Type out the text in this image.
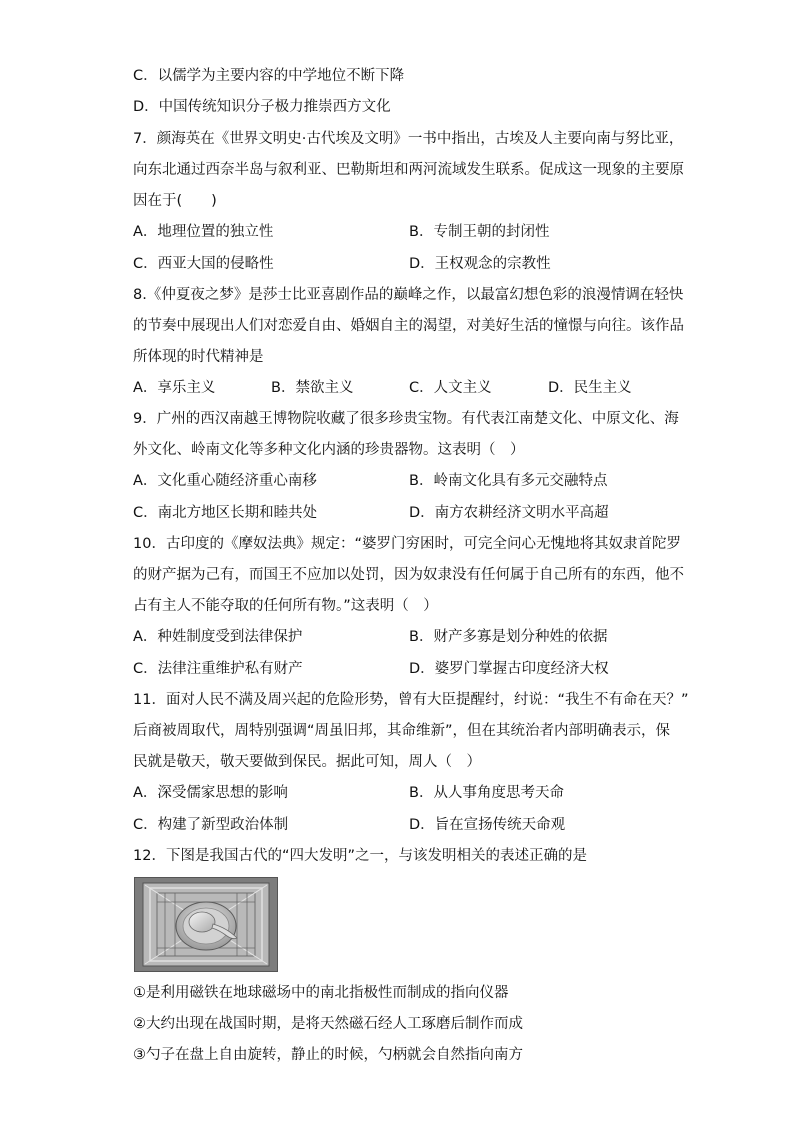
C．以儒学为主要内容的中学地位不断下降
D．中国传统知识分子极力推崇西方文化
7．颜海英在《世界文明史·古代埃及文明》一书中指出，古埃及人主要向南与努比亚，
向东北通过西奈半岛与叙利亚、巴勒斯坦和两河流域发生联系。促成这一现象的主要原
因在于(　　)
A．地理位置的独立性	B．专制王朝的封闭性
C．西亚大国的侵略性	D．王权观念的宗教性
8.《仲夏夜之梦》是莎士比亚喜剧作品的巅峰之作，以最富幻想色彩的浪漫情调在轻快
的节奏中展现出人们对恋爱自由、婚姻自主的渴望，对美好生活的憧憬与向往。该作品
所体现的时代精神是
A．享乐主义	B．禁欲主义	C．人文主义	D．民生主义
9．广州的西汉南越王博物院收藏了很多珍贵宝物。有代表江南楚文化、中原文化、海
外文化、岭南文化等多种文化内涵的珍贵器物。这表明（　）
A．文化重心随经济重心南移	B．岭南文化具有多元交融特点
C．南北方地区长期和睦共处	D．南方农耕经济文明水平高超
10．古印度的《摩奴法典》规定：“婆罗门穷困时，可完全问心无愧地将其奴隶首陀罗
的财产据为己有，而国王不应加以处罚，因为奴隶没有任何属于自己所有的东西，他不
占有主人不能夺取的任何所有物。”这表明（　）
A．种姓制度受到法律保护	B．财产多寡是划分种姓的依据
C．法律注重维护私有财产	D．婆罗门掌握古印度经济大权
11．面对人民不满及周兴起的危险形势，曾有大臣提醒纣，纣说：“我生不有命在天？”
后商被周取代，周特别强调“周虽旧邦，其命维新”，但在其统治者内部明确表示，保
民就是敬天，敬天要做到保民。据此可知，周人（　）
A．深受儒家思想的影响	B．从人事角度思考天命
C．构建了新型政治体制	D．旨在宣扬传统天命观
12．下图是我国古代的“四大发明”之一，与该发明相关的表述正确的是
①是利用磁铁在地球磁场中的南北指极性而制成的指向仪器
②大约出现在战国时期，是将天然磁石经人工琢磨后制作而成
③勺子在盘上自由旋转，静止的时候，勺柄就会自然指向南方
